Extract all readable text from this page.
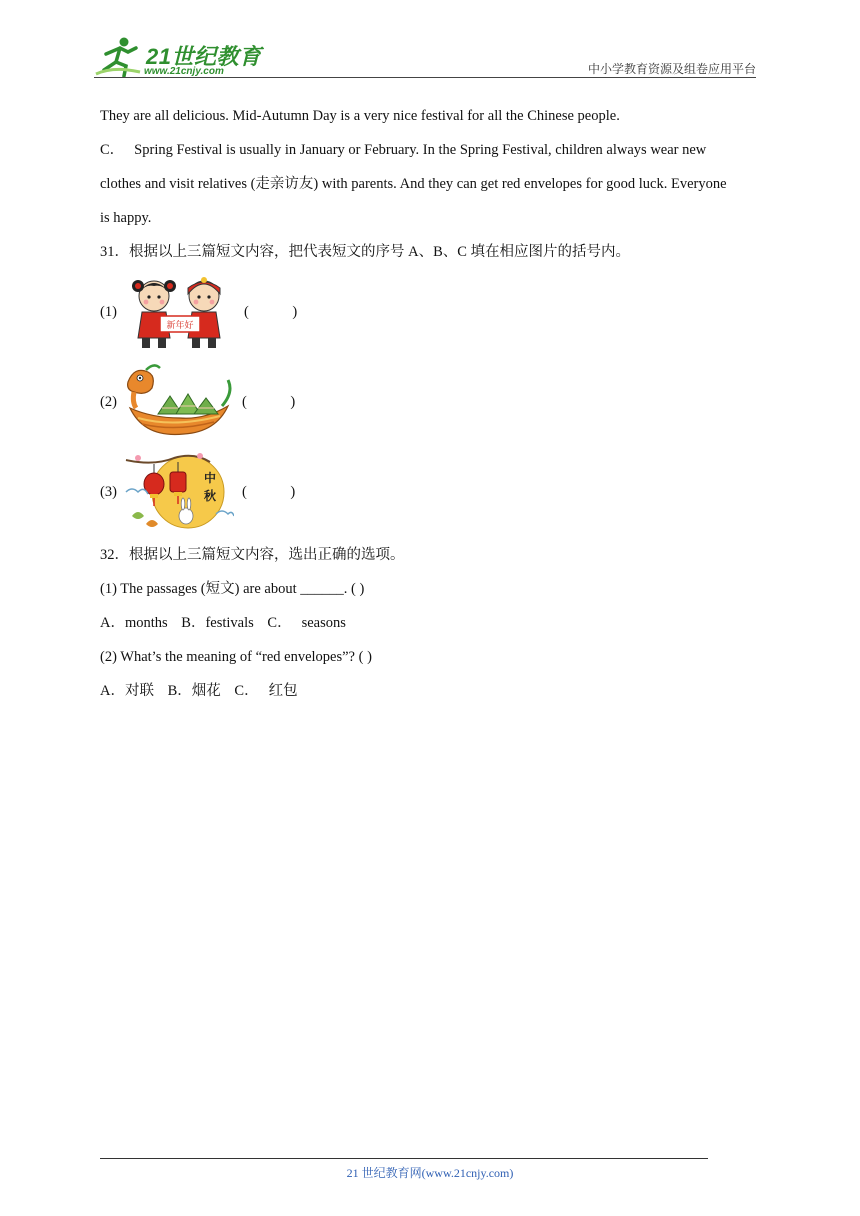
21世纪教育
www.21cnjy.com	中小学教育资源及组卷应用平台
They are all delicious. Mid-Autumn Day is a very nice festival for all the Chinese people.
C． Spring Festival is usually in January or February. In the Spring Festival, children always wear new
clothes and visit relatives (走亲访友) with parents. And they can get red envelopes for good luck. Everyone
is happy.
31．根据以上三篇短文内容，把代表短文的序号 A、B、C 填在相应图片的括号内。
(1)
新年好
(            )
(2)	(            )
(3)
中
秋 (            )
32．根据以上三篇短文内容，选出正确的选项。
(1) The passages (短文) are about ______. ( )
A．months B．festivals C． seasons
(2) What’s the meaning of “red envelopes”? ( )
A．对联 B．烟花 C． 红包
21 世纪教育网(www.21cnjy.com)
